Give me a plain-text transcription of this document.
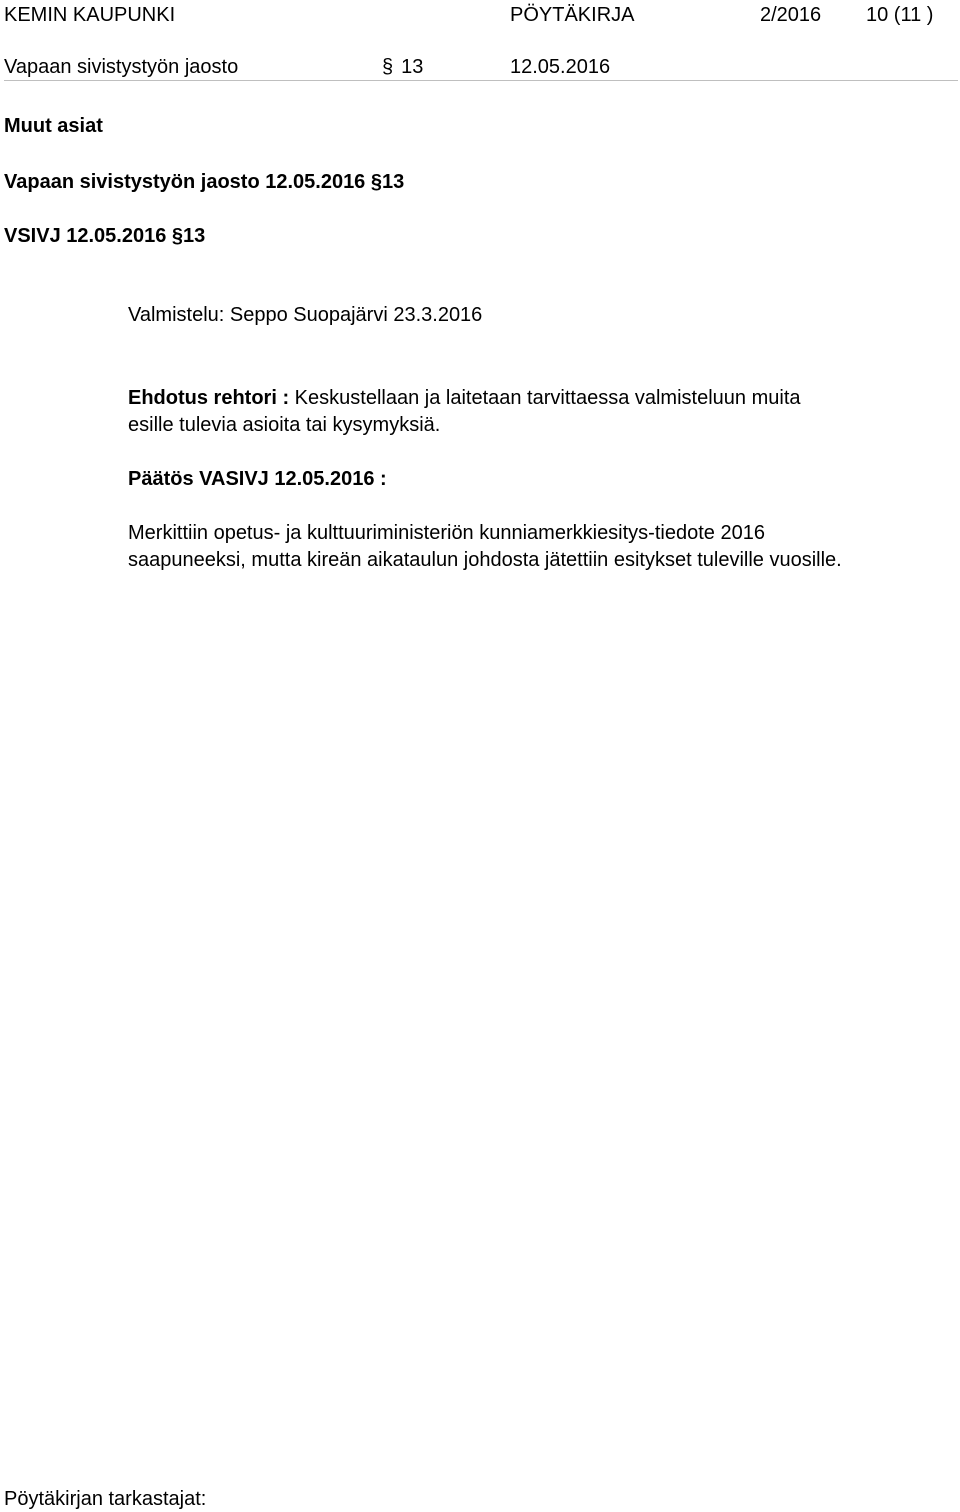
KEMIN KAUPUNKI	PÖYTÄKIRJA	2/2016 10 (11 )
Vapaan sivistystyön jaosto	§ 13	12.05.2016
Muut asiat
Vapaan sivistystyön jaosto 12.05.2016 §13
VSIVJ 12.05.2016 §13
Valmistelu: Seppo Suopajärvi 23.3.2016
Ehdotus rehtori : Keskustellaan ja laitetaan tarvittaessa valmisteluun muita
esille tulevia asioita tai kysymyksiä.
Päätös VASIVJ 12.05.2016 :
Merkittiin opetus- ja kulttuuriministeriön kunniamerkkiesitys-tiedote 2016
saapuneeksi, mutta kireän aikataulun johdosta jätettiin esitykset tuleville vuosille.
Pöytäkirjan tarkastajat:
